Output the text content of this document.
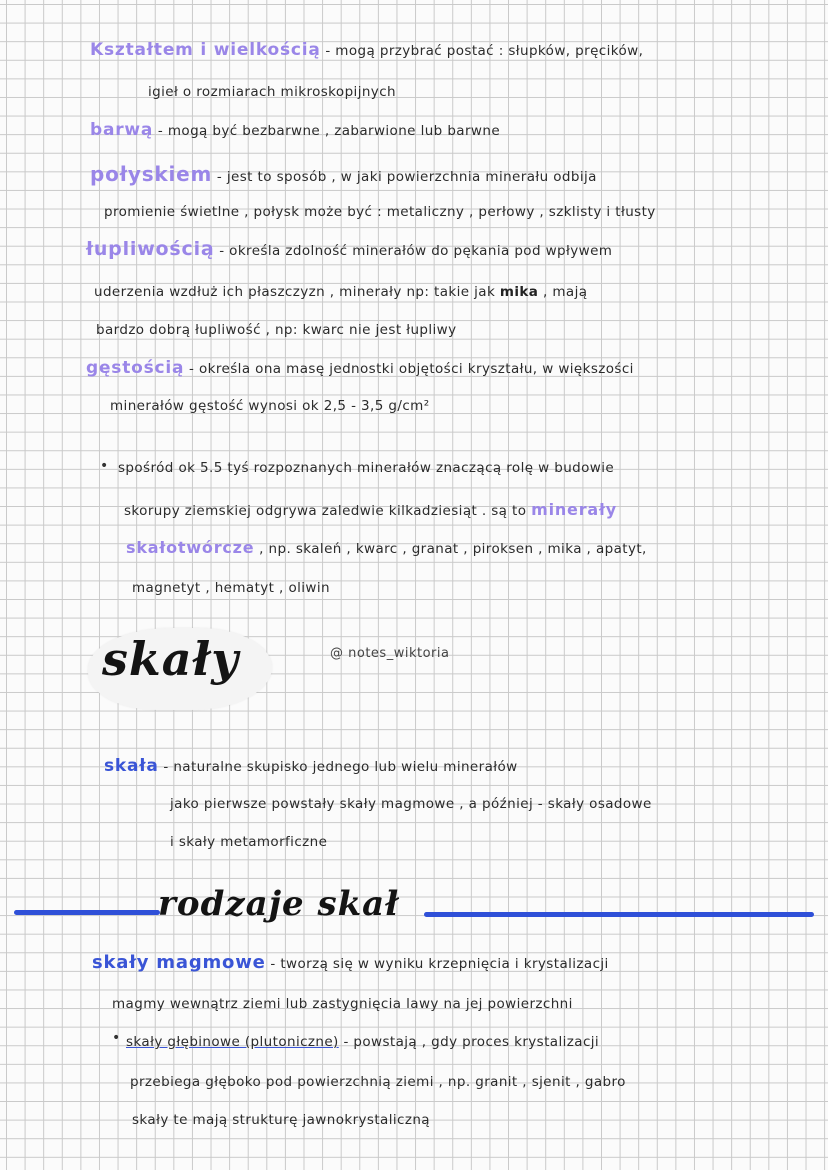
Kształtem i wielkością - mogą przybrać postać : słupków, pręcików,
igieł o rozmiarach mikroskopijnych
barwą - mogą być bezbarwne , zabarwione lub barwne
połyskiem - jest to sposób , w jaki powierzchnia minerału odbija
promienie świetlne , połysk może być : metaliczny , perłowy , szklisty i tłusty
łupliwością - określa zdolność minerałów do pękania pod wpływem
uderzenia wzdłuż ich płaszczyzn , minerały np: takie jak mika , mają
bardzo dobrą łupliwość , np: kwarc nie jest łupliwy
gęstością - określa ona masę jednostki objętości kryształu, w większości
minerałów gęstość wynosi ok 2,5 - 3,5 g/cm²
• spośród ok 5.5 tyś rozpoznanych minerałów znaczącą rolę w budowie
skorupy ziemskiej odgrywa zaledwie kilkadziesiąt . są to minerały
skałotwórcze , np. skaleń , kwarc , granat , piroksen , mika , apatyt,
magnetyt , hematyt , oliwin
skały	@ notes_wiktoria
skała - naturalne skupisko jednego lub wielu minerałów
jako pierwsze powstały skały magmowe , a później - skały osadowe
i skały metamorficzne
rodzaje skał
skały magmowe - tworzą się w wyniku krzepnięcia i krystalizacji
magmy wewnątrz ziemi lub zastygnięcia lawy na jej powierzchni
• skały głębinowe (plutoniczne) - powstają , gdy proces krystalizacji
przebiega głęboko pod powierzchnią ziemi , np. granit , sjenit , gabro
skały te mają strukturę jawnokrystaliczną
